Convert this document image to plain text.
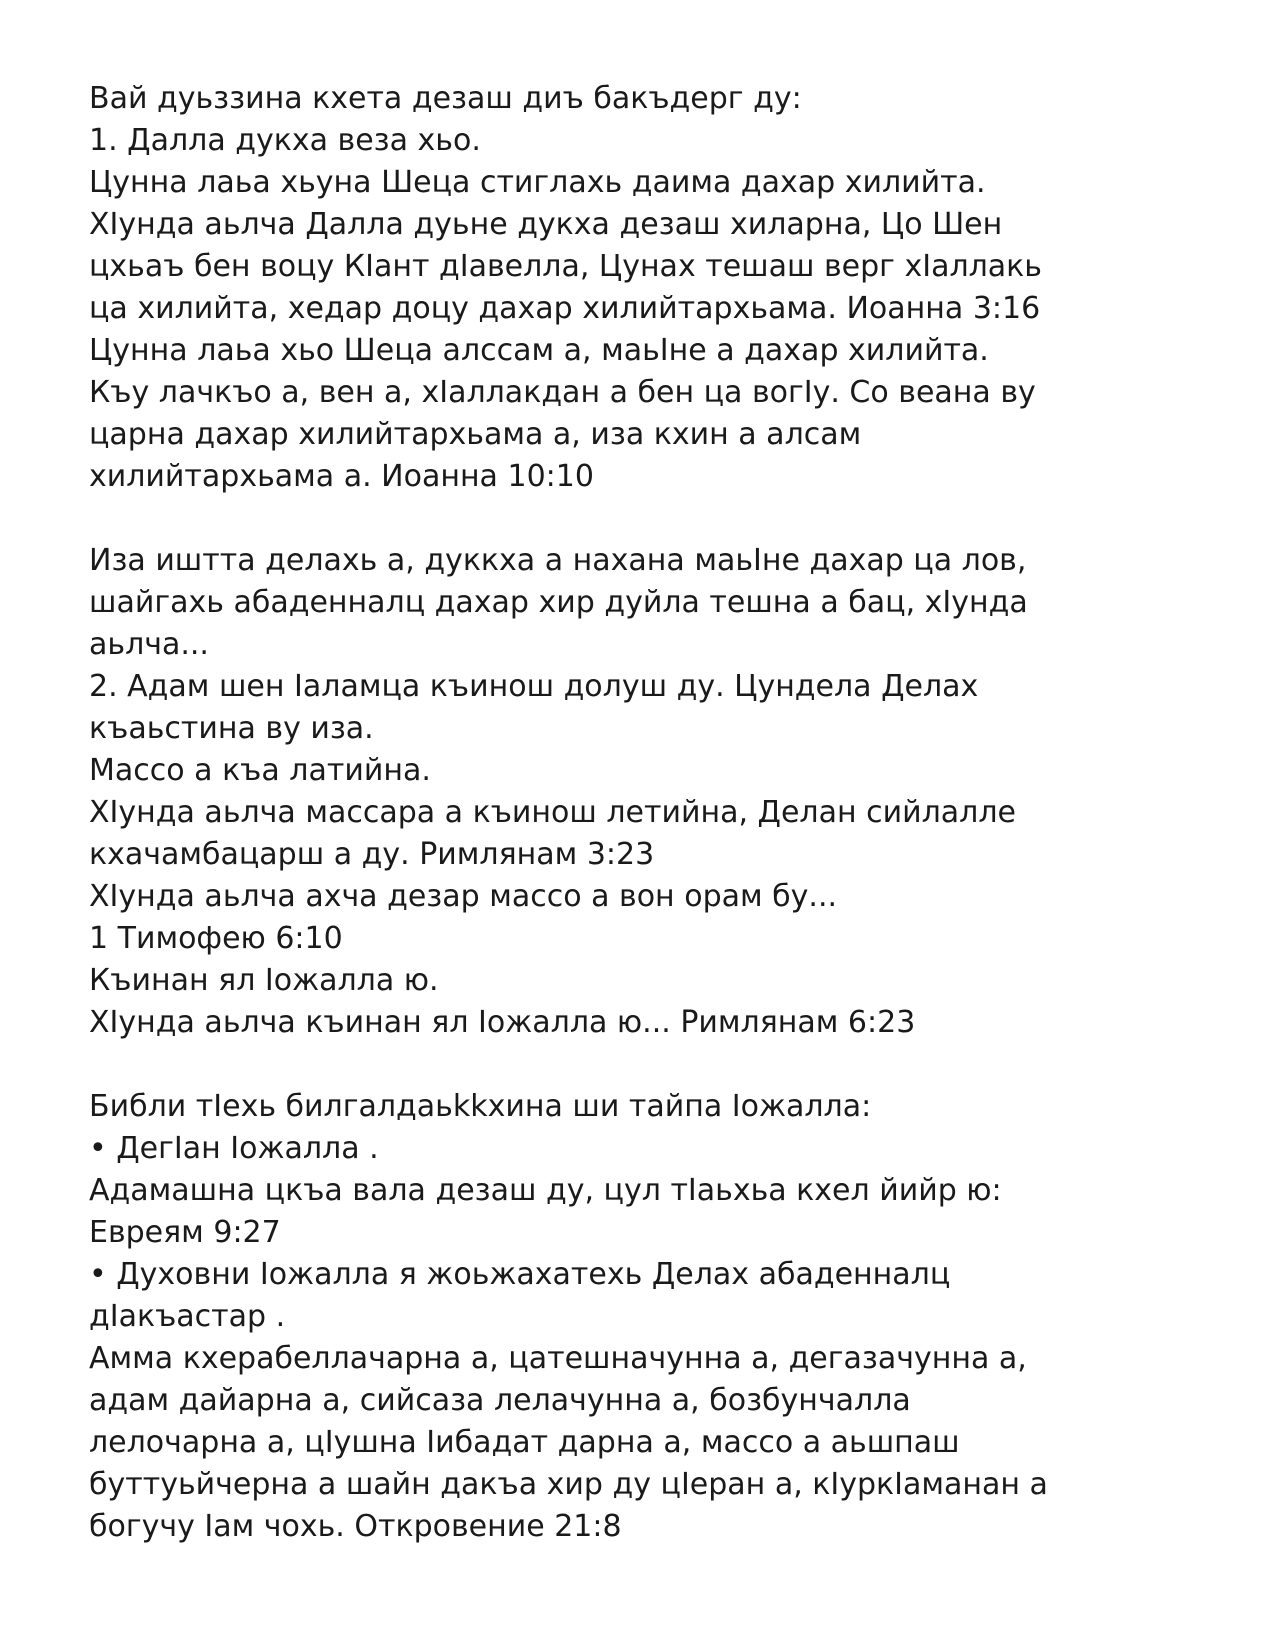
Вай дуьззина кхета дезаш диъ бакъдерг ду:
1. Далла дукха веза хьо.
Цунна лаьа хьуна Шеца стиглахь даима дахар хилийта.
ХIунда аьлча Далла дуьне дукха дезаш хиларна, Цо Шен
цхьаъ бен воцу КIант дIавелла, Цунах тешаш верг хIаллакь
ца хилийта, хедар доцу дахар хилийтархьама. Иоанна 3:16
Цунна лаьа хьо Шеца алссам а, маьIне а дахар хилийта.
Къу лачкъо а, вен а, хIаллакдан а бен ца вогIу. Со веана ву
царна дахар хилийтархьама а, иза кхин а алсам
хилийтархьама а. Иоанна 10:10
Иза иштта делахь а, дуккха а нахана маьIне дахар ца лов,
шайгахь абаденналц дахар хир дуйла тешна а бац, хIунда
аьлча...
2. Адам шен Iаламца къинош долуш ду. Цундела Делах
къаьстина ву иза.
Массо а къа латийна.
ХIунда аьлча массара а къинош летийна, Делан сийлалле
кхачамбацарш а ду. Римлянам 3:23
ХIунда аьлча ахча дезар массо а вон орам бу...
1 Тимофею 6:10
Къинан ял Iожалла ю.
ХIунда аьлча къинан ял Iожалла ю... Римлянам 6:23
Библи тIехь билгалдаьkkхина ши тайпа Iожалла:
• ДегIан Iожалла .
Адамашна цкъа вала дезаш ду, цул тIаьхьа кхел йийр ю:
Евреям 9:27
• Духовни Iожалла я жоьжахатехь Делах абаденналц
дIакъастар .
Амма кхерабеллачарна а, цатешначунна а, дегазачунна а,
адам дайарна а, сийсаза лелачунна а, бозбунчалла
лелочарна а, цIушна Iибадат дарна а, массо а аьшпаш
буттуьйчерна а шайн дакъа хир ду цIеран а, кIуркIаманан а
богучу Iам чохь. Откровение 21:8
